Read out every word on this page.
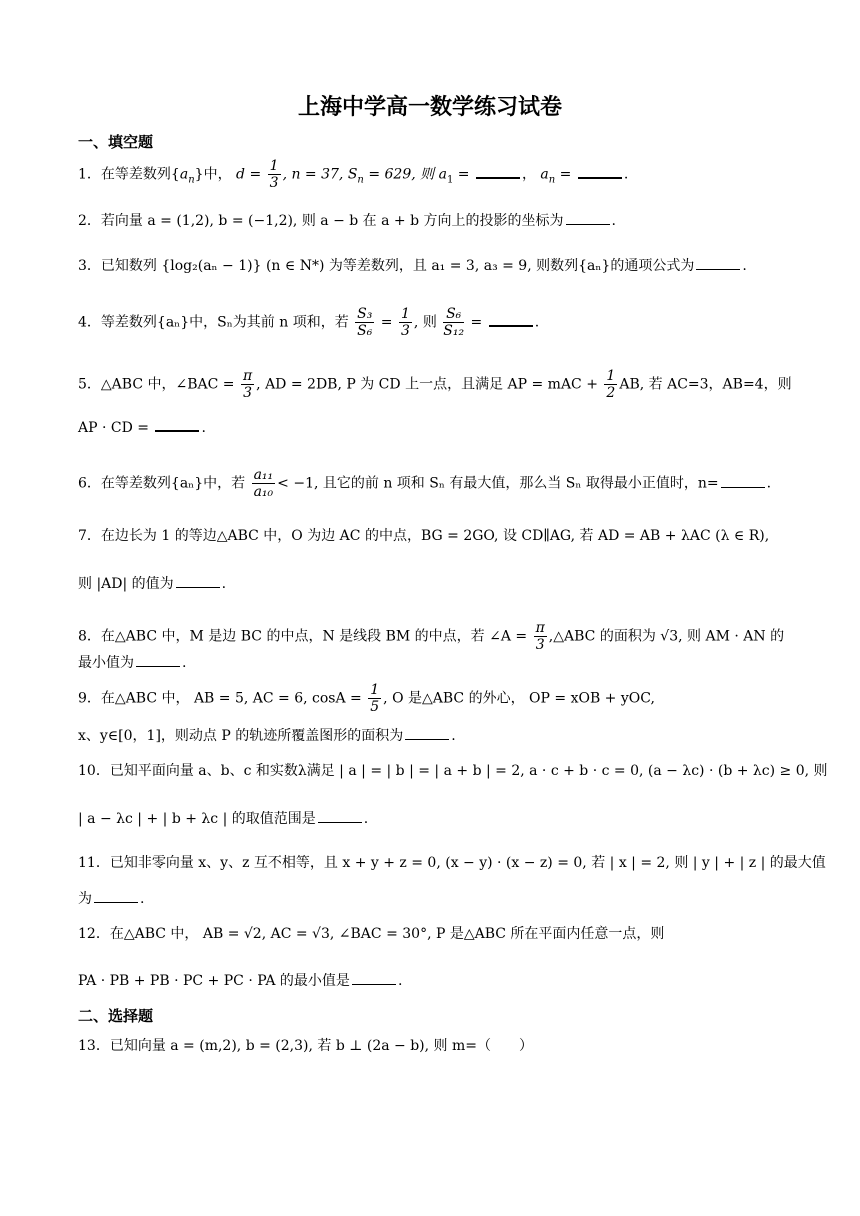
上海中学高一数学练习试卷
一、填空题
1．在等差数列$\{a_n\}$中， $d = \frac{1}{3}$ , n = 37, $S_n = 629$, 则 $a_1$ =	， $a_n$ =	.
2．若向量 a = (1,2), b = (−1,2), 则 a − b 在 a + b 方向上的投影的坐标为	.
3．已知数列 {log₂(aₙ − 1)} (n ∈ N*) 为等差数列，且 a₁ = 3, a₃ = 9, 则数列{aₙ}的通项公式为	.
4．等差数列{aₙ}中，Sₙ为其前 n 项和，若 $\frac{\text{S₃}}{\text{S₆}} = \frac{1}{3}$ , 则 $\frac{\text{S₆}}{\text{S₁₂}}$ =	.
5．△ABC 中，∠BAC = $\frac{\pi}{3}$ , AD = 2DB, P 为 CD 上一点，且满足 AP = mAC + $\frac{1}{2}$ AB, 若 AC=3，AB=4，则
AP · CD =	.
6．在等差数列{aₙ}中，若 $\frac{\text{a₁₁}}{\text{a₁₀}} < -1$, 且它的前 n 项和 Sₙ 有最大值，那么当 Sₙ 取得最小正值时，n=	.
7．在边长为 1 的等边△ABC 中，O 为边 AC 的中点，BG = 2GO, 设 CD∥AG, 若 AD = AB + λAC (λ ∈ R),
则 |AD| 的值为	.
8．在△ABC 中，M 是边 BC 的中点，N 是线段 BM 的中点，若 ∠A = $\frac{\pi}{3}$ ,△ABC 的面积为 √3, 则 AM · AN 的
最小值为	.
9．在△ABC 中， AB = 5, AC = 6, $\cos A = \frac{1}{5}$ , O 是△ABC 的外心， OP = xOB + yOC,
x、y∈[0，1]，则动点 P 的轨迹所覆盖图形的面积为	.
10．已知平面向量 a、b、c 和实数λ满足 | a | = | b | = | a + b | = 2, a · c + b · c = 0, (a − λc) · (b + λc) ≥ 0, 则
| a − λc | + | b + λc | 的取值范围是	.
11．已知非零向量 x、y、z 互不相等，且 x + y + z = 0, (x − y) · (x − z) = 0, 若 | x | = 2, 则 | y | + | z | 的最大值
为	.
12．在△ABC 中， AB = √2, AC = √3, ∠BAC = 30°, P 是△ABC 所在平面内任意一点，则
PA · PB + PB · PC + PC · PA 的最小值是	.
二、选择题
13．已知向量 a = (m,2), b = (2,3), 若 b ⊥ (2a − b), 则 m=（　　）
